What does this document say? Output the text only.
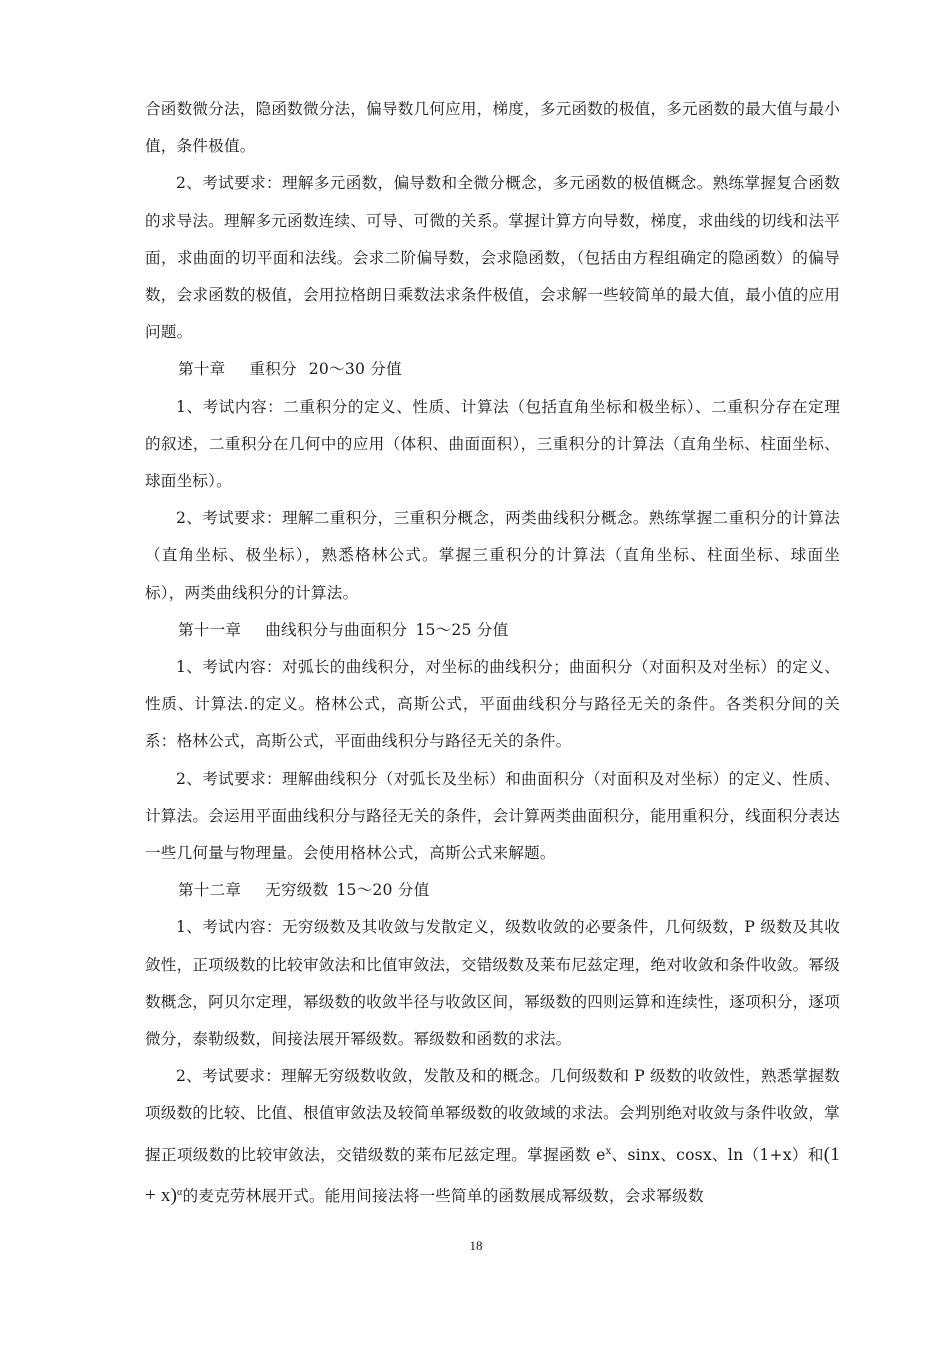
合函数微分法，隐函数微分法，偏导数几何应用，梯度，多元函数的极值，多元函数的最大值与最小值，条件极值。

2、考试要求：理解多元函数，偏导数和全微分概念，多元函数的极值概念。熟练掌握复合函数的求导法。理解多元函数连续、可导、可微的关系。掌握计算方向导数，梯度，求曲线的切线和法平面，求曲面的切平面和法线。会求二阶偏导数，会求隐函数，（包括由方程组确定的隐函数）的偏导数，会求函数的极值，会用拉格朗日乘数法求条件极值，会求解一些较简单的最大值，最小值的应用问题。

第十章 重积分 20～30 分值

1、考试内容：二重积分的定义、性质、计算法（包括直角坐标和极坐标）、二重积分存在定理的叙述，二重积分在几何中的应用（体积、曲面面积），三重积分的计算法（直角坐标、柱面坐标、球面坐标）。

2、考试要求：理解二重积分，三重积分概念，两类曲线积分概念。熟练掌握二重积分的计算法（直角坐标、极坐标），熟悉格林公式。掌握三重积分的计算法（直角坐标、柱面坐标、球面坐标），两类曲线积分的计算法。

第十一章 曲线积分与曲面积分 15～25 分值

1、考试内容：对弧长的曲线积分，对坐标的曲线积分；曲面积分（对面积及对坐标）的定义、性质、计算法.的定义。格林公式，高斯公式，平面曲线积分与路径无关的条件。各类积分间的关系：格林公式，高斯公式，平面曲线积分与路径无关的条件。

2、考试要求：理解曲线积分（对弧长及坐标）和曲面积分（对面积及对坐标）的定义、性质、计算法。会运用平面曲线积分与路径无关的条件，会计算两类曲面积分，能用重积分，线面积分表达一些几何量与物理量。会使用格林公式，高斯公式来解题。

第十二章 无穷级数 15～20 分值

1、考试内容：无穷级数及其收敛与发散定义，级数收敛的必要条件，几何级数，P 级数及其收敛性，正项级数的比较审敛法和比值审敛法，交错级数及莱布尼兹定理，绝对收敛和条件收敛。幂级数概念，阿贝尔定理，幂级数的收敛半径与收敛区间，幂级数的四则运算和连续性，逐项积分，逐项微分，泰勒级数，间接法展开幂级数。幂级数和函数的求法。

2、考试要求：理解无穷级数收敛，发散及和的概念。几何级数和 P 级数的收敛性，熟悉掌握数项级数的比较、比值、根值审敛法及较简单幂级数的收敛域的求法。会判别绝对收敛与条件收敛，掌握正项级数的比较审敛法，交错级数的莱布尼兹定理。掌握函数 $e^x$、sinx、cosx、ln（1+x）和$(1 + x)^\alpha$的麦克劳林展开式。能用间接法将一些简单的函数展成幂级数，会求幂级数

18
